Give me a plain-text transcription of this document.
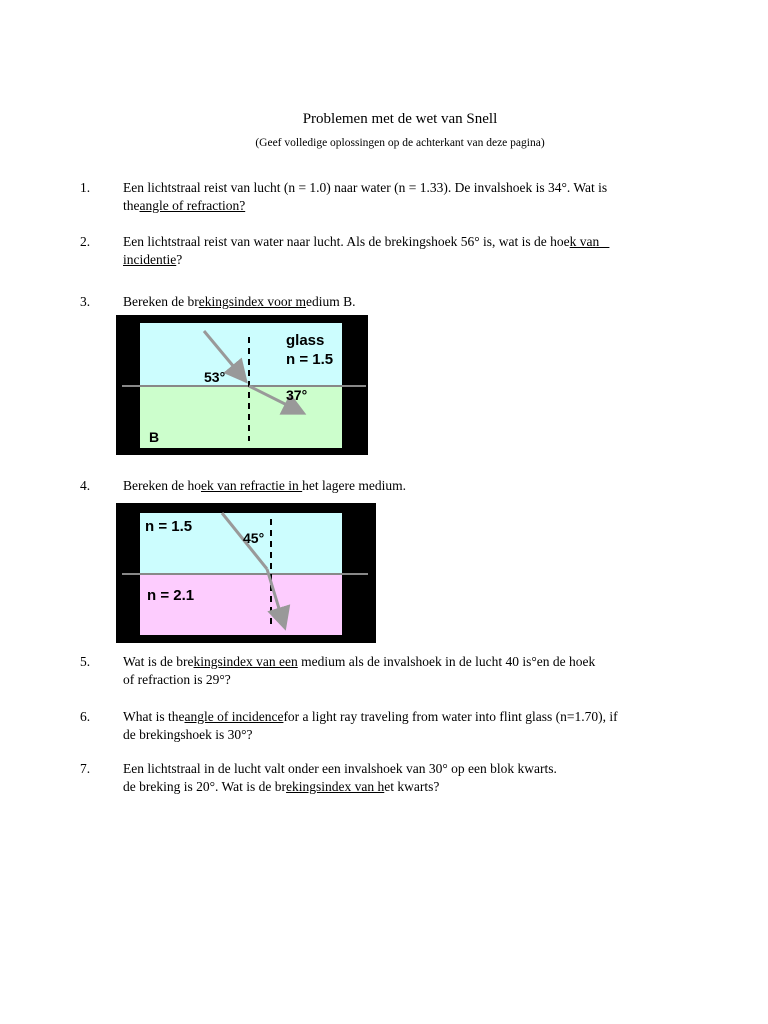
Problemen met de wet van Snell
(Geef volledige oplossingen op de achterkant van deze pagina)
1.	Een lichtstraal reist van lucht (n = 1.0) naar water (n = 1.33). De invalshoek is 34°. Wat is
theangle of refraction?
2.	Een lichtstraal reist van water naar lucht. Als de brekingshoek 56° is, wat is de hoek van
incidentie?
3.	Bereken de brekingsindex voor medium B.
glass
n = 1.5
53°
37°
B
4.	Bereken de hoek van refractie in het lagere medium.
n = 1.5
45°
n = 2.1
5.	Wat is de brekingsindex van een medium als de invalshoek in de lucht 40 is°en de hoek
of refraction is 29°?
6.	What is theangle of incidencefor a light ray traveling from water into flint glass (n=1.70), if
de brekingshoek is 30°?
7.	Een lichtstraal in de lucht valt onder een invalshoek van 30° op een blok kwarts.
de breking is 20°. Wat is de brekingsindex van het kwarts?
